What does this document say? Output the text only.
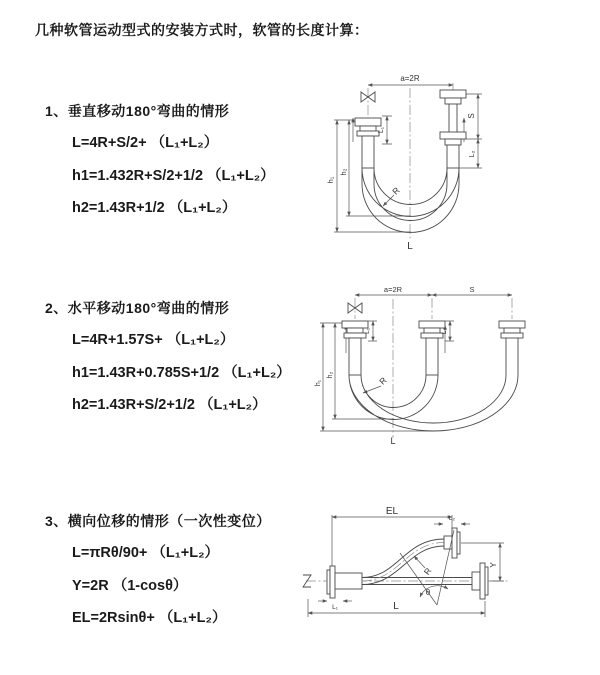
几种软管运动型式的安装方式时，软管的长度计算：
1、垂直移动180°弯曲的情形
L=4R+S/2+ （L₁+L₂）
h1=1.432R+S/2+1/2 （L₁+L₂）
h2=1.43R+1/2 （L₁+L₂）
2、水平移动180°弯曲的情形
L=4R+1.57S+ （L₁+L₂）
h1=1.43R+0.785S+1/2 （L₁+L₂）
h2=1.43R+S/2+1/2 （L₁+L₂）
3、横向位移的情形（一次性变位）
L=πRθ/90+ （L₁+L₂）
Y=2R （1-cosθ）
EL=2Rsinθ+ （L₁+L₂）
a=2R
h₁
h₂
L₁
S
L₂
R
L
a=2R	S
h₁
h₂
L₁	L₂
R
L
EL
L₂
Y
R
θ
L₁	L
